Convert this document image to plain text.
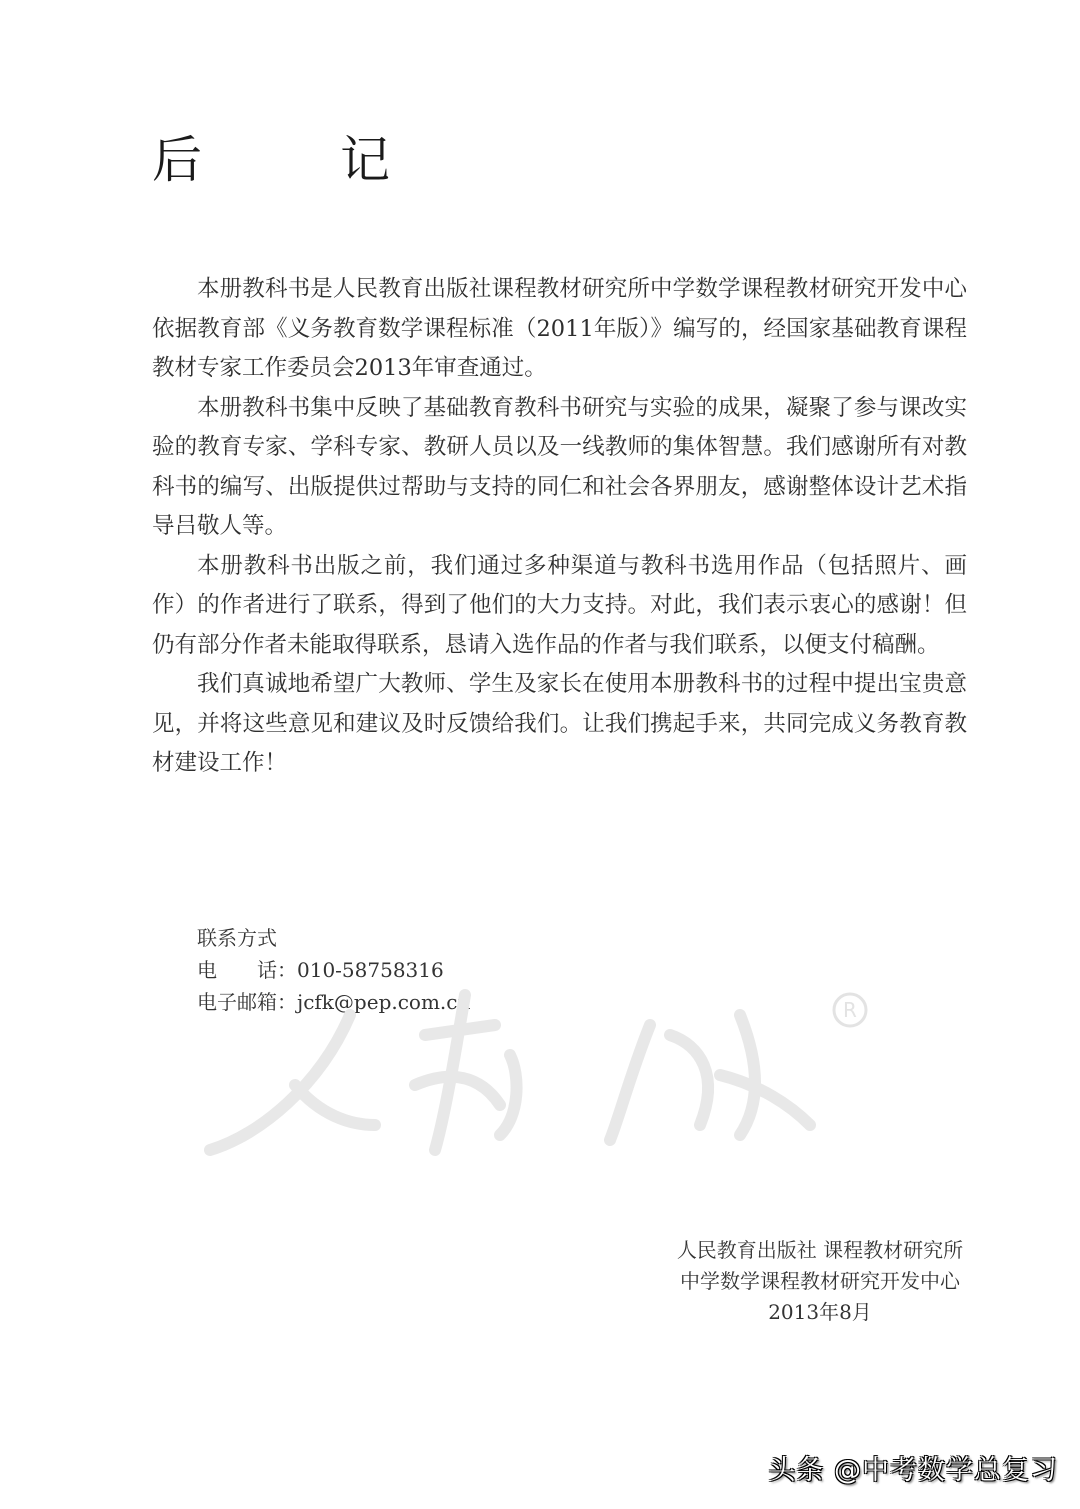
后　记

本册教科书是人民教育出版社课程教材研究所中学数学课程教材研究开发中心依据教育部《义务教育数学课程标准（2011年版）》编写的，经国家基础教育课程教材专家工作委员会2013年审查通过。

本册教科书集中反映了基础教育教科书研究与实验的成果，凝聚了参与课改实验的教育专家、学科专家、教研人员以及一线教师的集体智慧。我们感谢所有对教科书的编写、出版提供过帮助与支持的同仁和社会各界朋友，感谢整体设计艺术指导吕敬人等。

本册教科书出版之前，我们通过多种渠道与教科书选用作品（包括照片、画作）的作者进行了联系，得到了他们的大力支持。对此，我们表示衷心的感谢！但仍有部分作者未能取得联系，恳请入选作品的作者与我们联系，以便支付稿酬。

我们真诚地希望广大教师、学生及家长在使用本册教科书的过程中提出宝贵意见，并将这些意见和建议及时反馈给我们。让我们携起手来，共同完成义务教育教材建设工作！

联系方式
电　　话：010-58758316
电子邮箱：jcfk@pep.com.cn	R
人民教育出版社 课程教材研究所
中学数学课程教材研究开发中心
2013年8月
头条 @中考数学总复习
